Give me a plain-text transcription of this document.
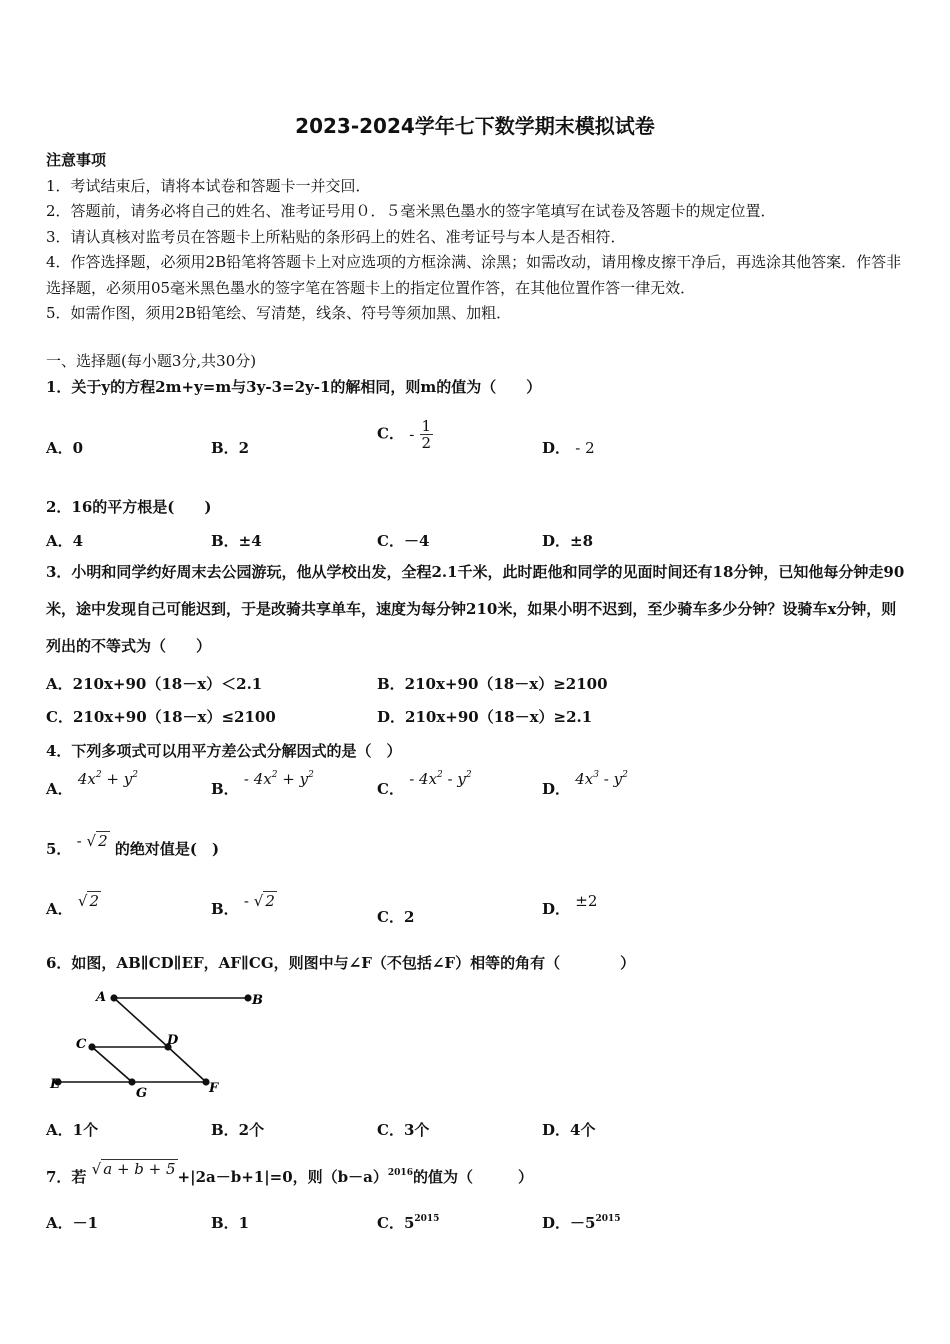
2023-2024学年七下数学期末模拟试卷
注意事项
1．考试结束后，请将本试卷和答题卡一并交回．
2．答题前，请务必将自己的姓名、准考证号用０．５毫米黑色墨水的签字笔填写在试卷及答题卡的规定位置．
3．请认真核对监考员在答题卡上所粘贴的条形码上的姓名、准考证号与本人是否相符．
4．作答选择题，必须用2B铅笔将答题卡上对应选项的方框涂满、涂黑；如需改动，请用橡皮擦干净后，再选涂其他答案．作答非选择题，必须用05毫米黑色墨水的签字笔在答题卡上的指定位置作答，在其他位置作答一律无效．
5．如需作图，须用2B铅笔绘、写清楚，线条、符号等须加黑、加粗．
一、选择题(每小题3分,共30分)
1．关于y的方程2m+y=m与3y-3=2y-1的解相同，则m的值为（　　）
A．0	B．2
C． - $\frac{1}{2}$	D． - 2
2．16的平方根是(　　)
A．4	B．±4	C．－4	D．±8
3．小明和同学约好周末去公园游玩，他从学校出发，全程2.1千米，此时距他和同学的见面时间还有18分钟，已知他每分钟走90米，途中发现自己可能迟到，于是改骑共享单车，速度为每分钟210米，如果小明不迟到，至少骑车多少分钟？设骑车x分钟，则列出的不等式为（　　）
A．210x+90（18－x）＜2.1	B．210x+90（18－x）≥2100
C．210x+90（18－x）≤2100	D．210x+90（18－x）≥2.1
4．下列多项式可以用平方差公式分解因式的是（　）
A． $4x^2 + y^2$
B． - $4x^2 + y^2$
C． - $4x^2 - y^2$
D． $4x^3 - y^2$
5． - √ 2 的绝对值是(　)
A． √ 2	B． - √ 2
C．2	D． ±2
6．如图，AB∥CD∥EF，AF∥CG，则图中与∠F（不包括∠F）相等的角有（　　　　）
A	B
C	D
E
G	F
A．1个	B．2个	C．3个	D．4个
7．若 √ a + b + 5 +|2a－b+1|=0，则$(b-a)^{2016}$的值为（　　　）
A．－1	B．1	C．$5^{2015}$	D．$-5^{2015}$
